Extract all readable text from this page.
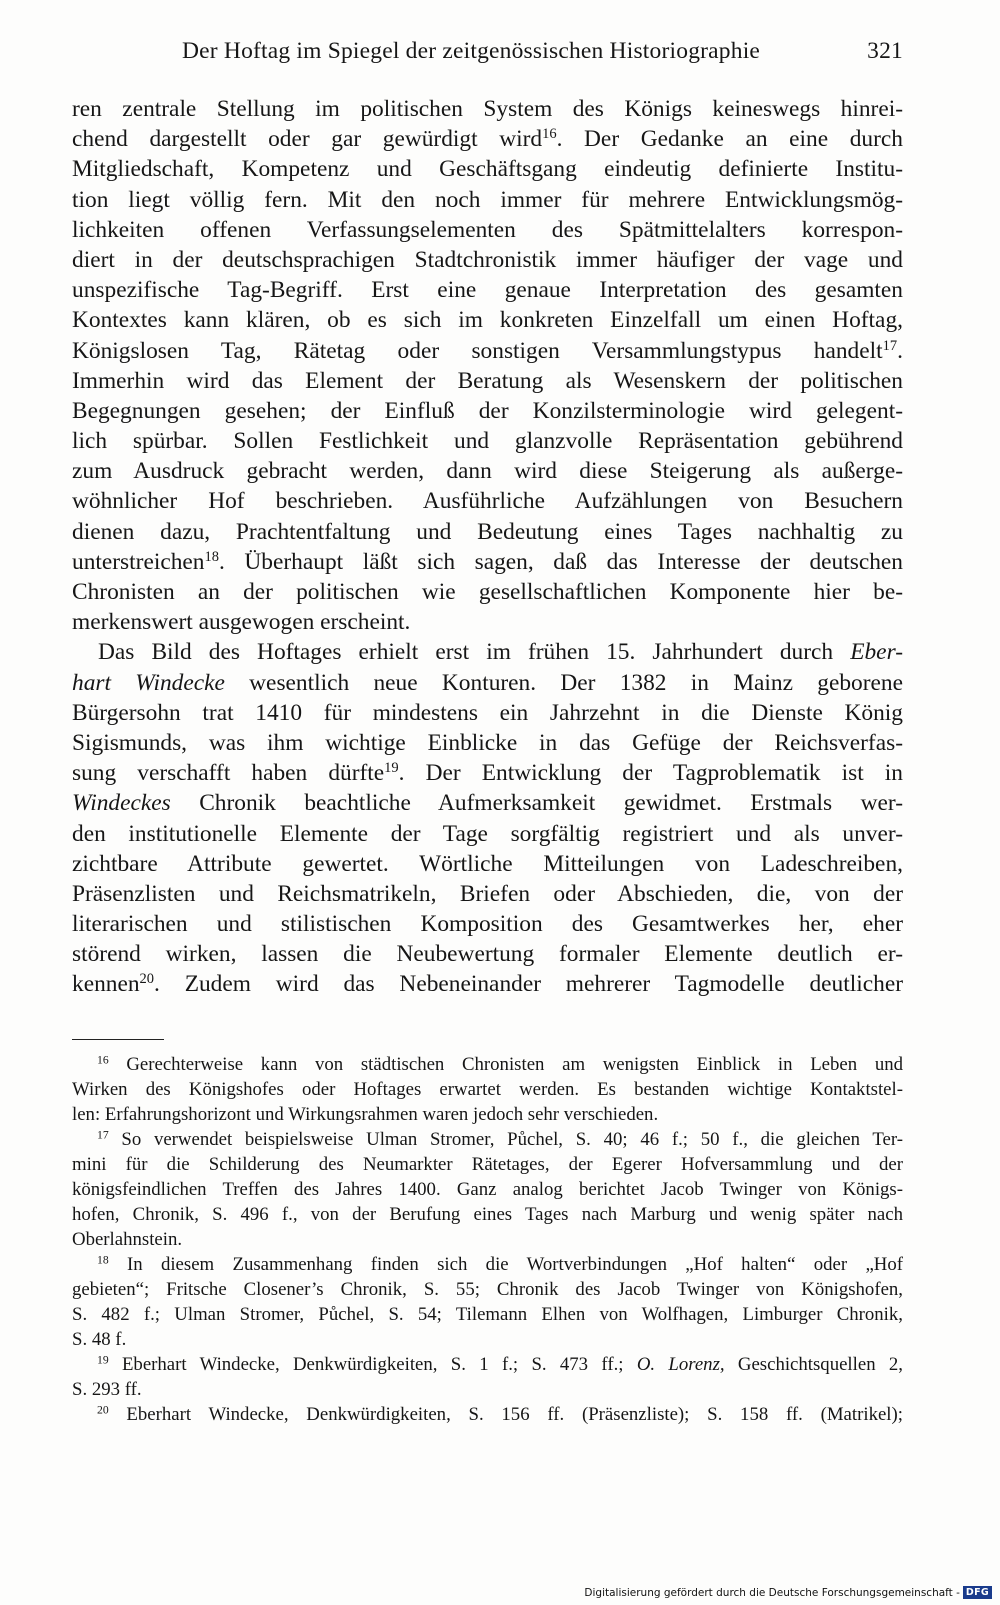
Der Hoftag im Spiegel der zeitgenössischen Historiographie	321
ren zentrale Stellung im politischen System des Königs keineswegs hinrei-
chend dargestellt oder gar gewürdigt wird$^{16}$. Der Gedanke an eine durch
Mitgliedschaft, Kompetenz und Geschäftsgang eindeutig definierte Institu-
tion liegt völlig fern. Mit den noch immer für mehrere Entwicklungsmög-
lichkeiten offenen Verfassungselementen des Spätmittelalters korrespon-
diert in der deutschsprachigen Stadtchronistik immer häufiger der vage und
unspezifische Tag-Begriff. Erst eine genaue Interpretation des gesamten
Kontextes kann klären, ob es sich im konkreten Einzelfall um einen Hoftag,
Königslosen Tag, Rätetag oder sonstigen Versammlungstypus handelt$^{17}$.
Immerhin wird das Element der Beratung als Wesenskern der politischen
Begegnungen gesehen; der Einfluß der Konzilsterminologie wird gelegent-
lich spürbar. Sollen Festlichkeit und glanzvolle Repräsentation gebührend
zum Ausdruck gebracht werden, dann wird diese Steigerung als außerge-
wöhnlicher Hof beschrieben. Ausführliche Aufzählungen von Besuchern
dienen dazu, Prachtentfaltung und Bedeutung eines Tages nachhaltig zu
unterstreichen$^{18}$. Überhaupt läßt sich sagen, daß das Interesse der deutschen
Chronisten an der politischen wie gesellschaftlichen Komponente hier be-
merkenswert ausgewogen erscheint.
Das Bild des Hoftages erhielt erst im frühen 15. Jahrhundert durch Eber-
hart Windecke wesentlich neue Konturen. Der 1382 in Mainz geborene
Bürgersohn trat 1410 für mindestens ein Jahrzehnt in die Dienste König
Sigismunds, was ihm wichtige Einblicke in das Gefüge der Reichsverfas-
sung verschafft haben dürfte$^{19}$. Der Entwicklung der Tagproblematik ist in
Windeckes Chronik beachtliche Aufmerksamkeit gewidmet. Erstmals wer-
den institutionelle Elemente der Tage sorgfältig registriert und als unver-
zichtbare Attribute gewertet. Wörtliche Mitteilungen von Ladeschreiben,
Präsenzlisten und Reichsmatrikeln, Briefen oder Abschieden, die, von der
literarischen und stilistischen Komposition des Gesamtwerkes her, eher
störend wirken, lassen die Neubewertung formaler Elemente deutlich er-
kennen$^{20}$. Zudem wird das Nebeneinander mehrerer Tagmodelle deutlicher
$^{16}$ Gerechterweise kann von städtischen Chronisten am wenigsten Einblick in Leben und
Wirken des Königshofes oder Hoftages erwartet werden. Es bestanden wichtige Kontaktstel-
len: Erfahrungshorizont und Wirkungsrahmen waren jedoch sehr verschieden.
$^{17}$ So verwendet beispielsweise Ulman Stromer, Půchel, S. 40; 46 f.; 50 f., die gleichen Ter-
mini für die Schilderung des Neumarkter Rätetages, der Egerer Hofversammlung und der
königsfeindlichen Treffen des Jahres 1400. Ganz analog berichtet Jacob Twinger von Königs-
hofen, Chronik, S. 496 f., von der Berufung eines Tages nach Marburg und wenig später nach
Oberlahnstein.
$^{18}$ In diesem Zusammenhang finden sich die Wortverbindungen „Hof halten“ oder „Hof
gebieten“; Fritsche Closener’s Chronik, S. 55; Chronik des Jacob Twinger von Königshofen,
S. 482 f.; Ulman Stromer, Půchel, S. 54; Tilemann Elhen von Wolfhagen, Limburger Chronik,
S. 48 f.
$^{19}$ Eberhart Windecke, Denkwürdigkeiten, S. 1 f.; S. 473 ff.; O. Lorenz, Geschichtsquellen 2,
S. 293 ff.
$^{20}$ Eberhart Windecke, Denkwürdigkeiten, S. 156 ff. (Präsenzliste); S. 158 ff. (Matrikel);
Digitalisierung gefördert durch die Deutsche Forschungsgemeinschaft - DFG
